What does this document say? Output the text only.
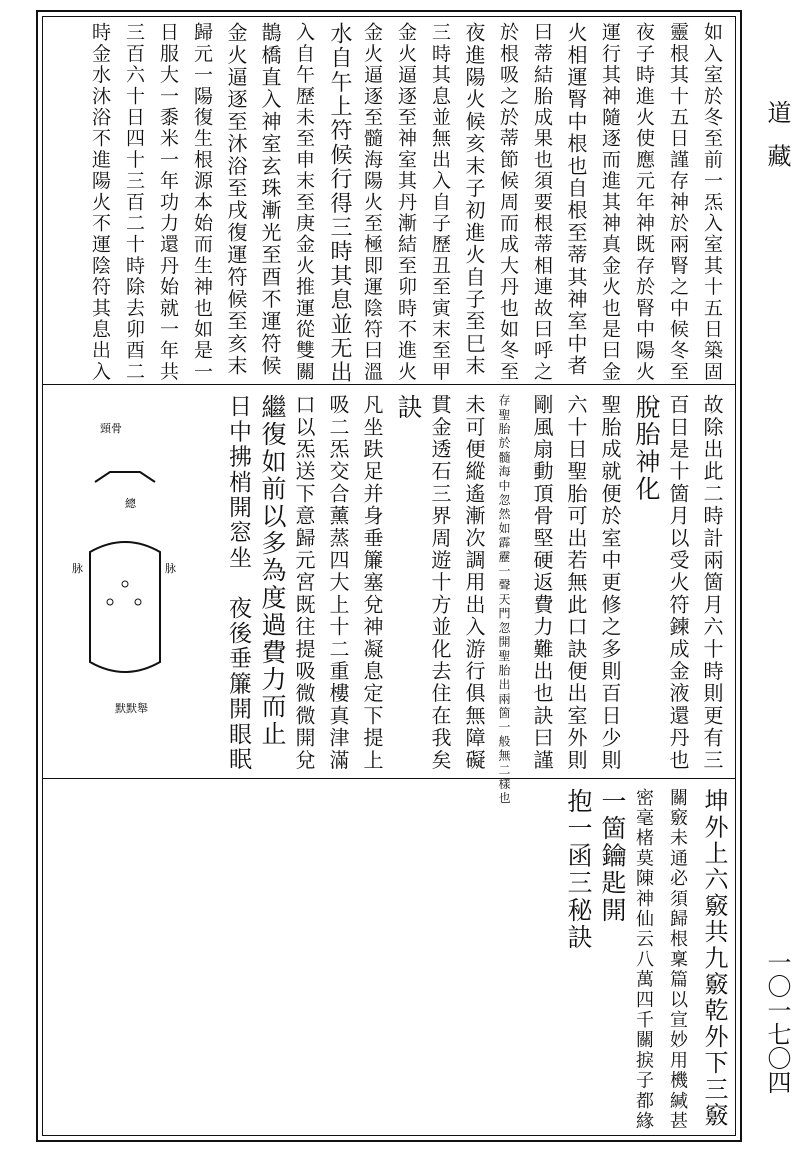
道 藏
一〇一七〇四
如入室於冬至前一炁入室其十五日築固
靈根其十五日謹存神於兩腎之中候冬至
夜子時進火使應元年神既存於腎中陽火
運行其神隨逐而進其神真金火也是曰金
火相運腎中根也自根至蒂其神室中者
曰蒂結胎成果也須要根蒂相連故曰呼之
於根吸之於蒂節候周而成大丹也如冬至
夜進陽火候亥末子初進火自子至巳末
三時其息並無出入自子歷丑至寅末至甲
金火逼逐至神室其丹漸結至卯時不進火
金火逼逐至髓海陽火至極即運陰符曰溫
水自午上符候行得三時其息並无出
入自午歷未至申末至庚金火推運從雙關
鵲橋直入神室玄珠漸光至酉不運符候
金火逼逐至沐浴至戌復運符候至亥末
歸元一陽復生根源本始而生神也如是一
日服大一黍米一年功力還丹始就一年共
三百六十日四十三百二十時除去卯酉二
時金水沐浴不進陽火不運陰符其息出入
故除出此二時計兩箇月六十時則更有三
百日是十箇月以受火符鍊成金液還丹也
脫胎神化
聖胎成就便於室中更修之多則百日少則
六十日聖胎可出若無此口訣便出室外則
剛風扇動頂骨堅硬返費力難出也訣曰謹
存聖胎於髓海中忽然如霹靂一聲天門忽開聖胎出兩箇一般無二樣也
未可便縱遙漸次調用出入游行俱無障礙
貫金透石三界周遊十方並化去住在我矣
訣
凡坐趺足并身垂簾塞兌神凝息定下提上
吸二炁交合薰蒸四大上十二重樓真津滿
口以炁送下意歸元宮既往提吸微微開兌
繼復如前以多為度過費力而止
日中拂梢開窓坐　夜後垂簾開眼眠
坤外上六竅共九竅乾外下三竅
關竅未通必須歸根稟篇以宣妙用機緘甚
密毫楮莫陳神仙云八萬四千關捩子都緣
一箇鑰匙開
抱一函三秘訣
頸骨
總
脉	脉
默默舉
